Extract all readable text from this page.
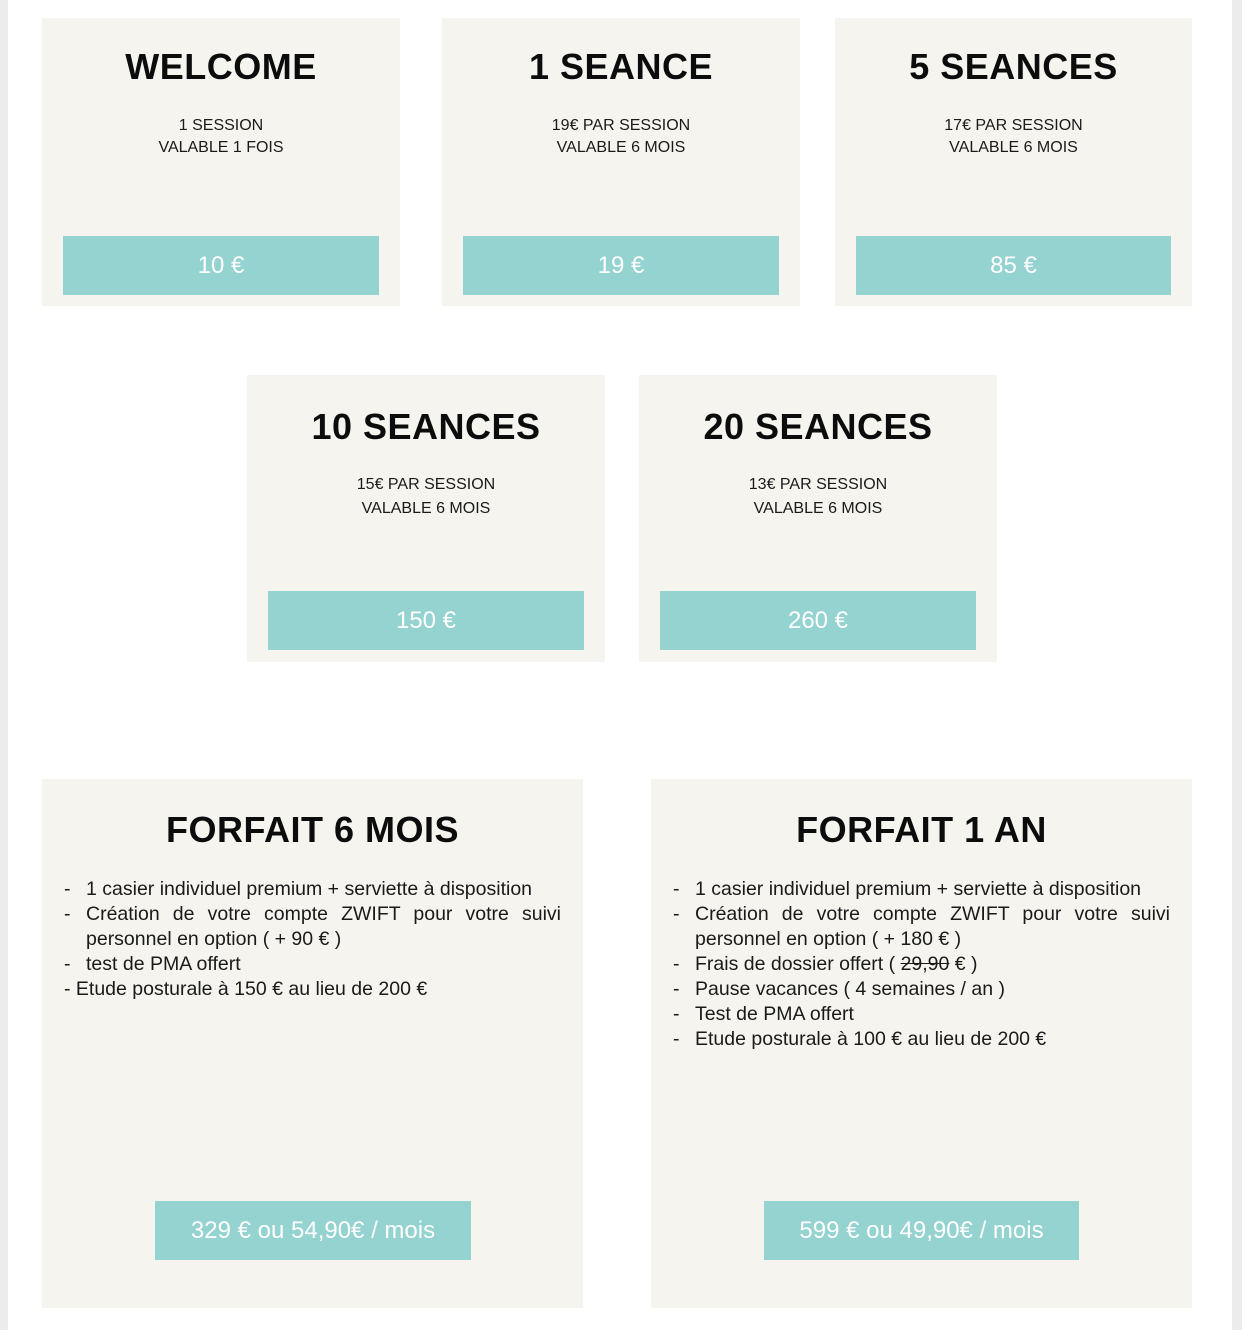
WELCOME
1 SESSION
VALABLE 1 FOIS
10 €
1 SEANCE
19€ PAR SESSION
VALABLE 6 MOIS
19 €
5 SEANCES
17€ PAR SESSION
VALABLE 6 MOIS
85 €
10 SEANCES
15€ PAR SESSION
VALABLE 6 MOIS
150 €
20 SEANCES
13€ PAR SESSION
VALABLE 6 MOIS
260 €
FORFAIT 6 MOIS
- 1 casier individuel premium + serviette à disposition
- Création de votre compte ZWIFT pour votre suivi personnel en option ( + 90 € )
- test de PMA offert
- Etude posturale à 150 € au lieu de 200 €
329 € ou 54,90€ / mois
FORFAIT 1 AN
- 1 casier individuel premium + serviette à disposition
- Création de votre compte ZWIFT pour votre suivi personnel en option ( + 180 € )
- Frais de dossier offert ( 29,90 € )
- Pause vacances ( 4 semaines / an )
- Test de PMA offert
- Etude posturale à 100 € au lieu de 200 €
599 € ou 49,90€ / mois
